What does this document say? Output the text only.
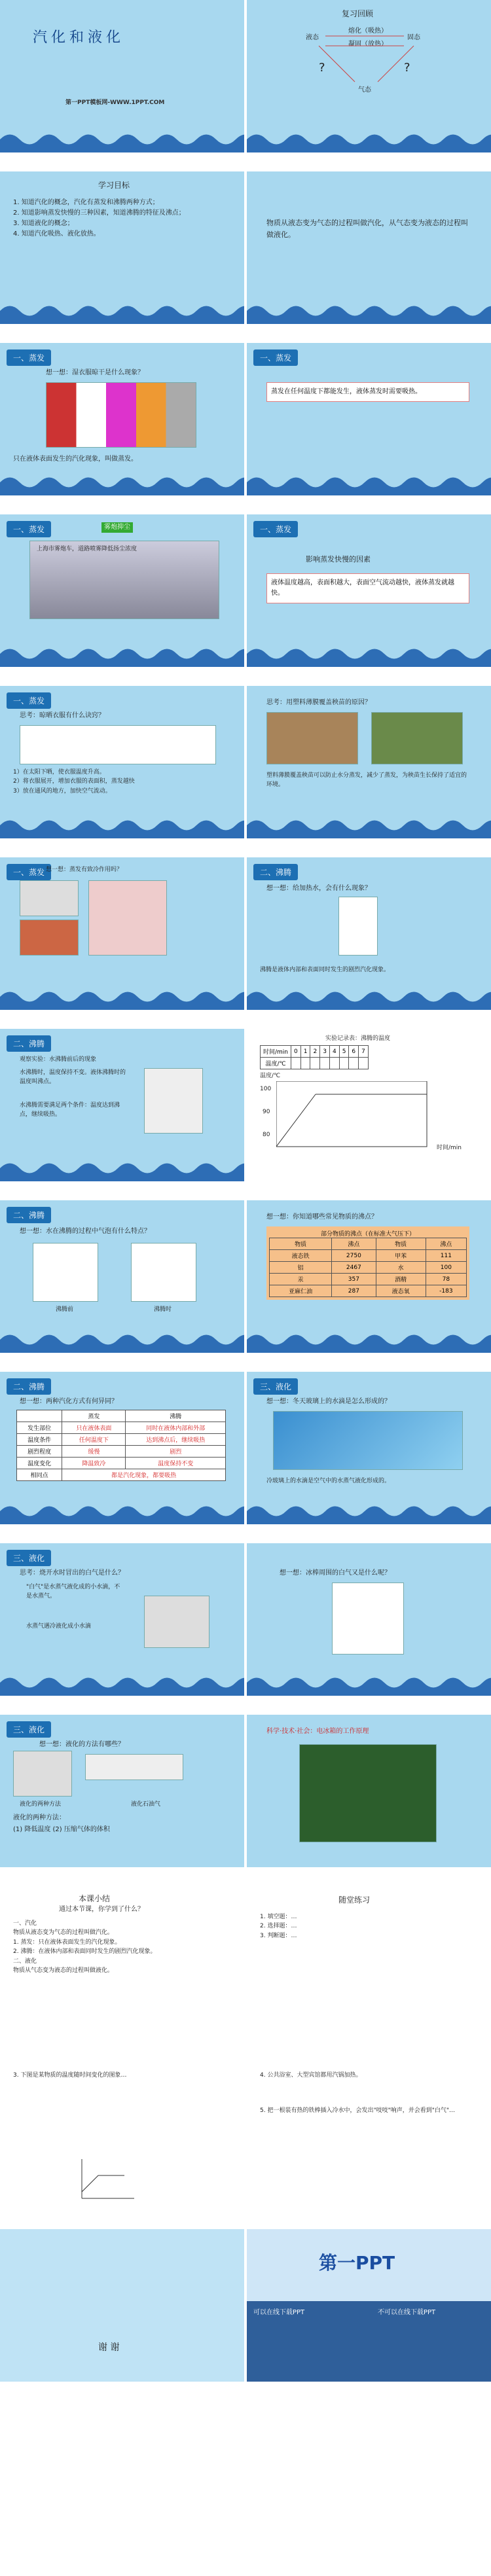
汽化和液化
第一PPT模板网-WWW.1PPT.COM
复习回顾
熔化（吸热）
凝固（放热）
液态	固态
?	?
气态
学习目标
1. 知道汽化的概念，汽化有蒸发和沸腾两种方式；
2. 知道影响蒸发快慢的三种因素，知道沸腾的特征及沸点；
3. 知道液化的概念；
4. 知道汽化吸热、液化放热。
物质从液态变为气态的过程叫做汽化，从气态变为液态的过程叫做液化。
一、蒸发
想一想：湿衣服晾干是什么现象？
只在液体表面发生的汽化现象，叫做蒸发。
一、蒸发
蒸发在任何温度下都能发生，液体蒸发时需要吸热。
一、蒸发	雾炮抑尘
上海市雾炮车，道路喷雾降低扬尘浓度
一、蒸发
影响蒸发快慢的因素
液体温度越高，表面积越大，表面空气流动越快，液体蒸发就越快。
一、蒸发
思考：晾晒衣服有什么诀窍？
1）在太阳下晒，使衣服温度升高。
2）将衣服展开，增加衣服的表面积，蒸发越快
3）放在通风的地方，加快空气流动。
思考：用塑料薄膜覆盖秧苗的原因？
塑料薄膜覆盖秧苗可以防止水分蒸发，减少了蒸发，为秧苗生长保持了适宜的环境。
一、蒸发 想一想：蒸发有致冷作用吗？	二、沸腾
想一想：给加热水，会有什么现象？
沸腾是液体内部和表面同时发生的剧烈汽化现象。
二、沸腾
观察实验：水沸腾前后的现象
水沸腾时，温度保持不变。液体沸腾时的温度叫沸点。
水沸腾需要满足两个条件：温度达到沸点，继续吸热。
实验记录表：沸腾的温度
时间/min	0	1	2	3	4	5	6	7
温度/℃								
温度/℃
100
90
80
时间/min
二、沸腾
想一想：水在沸腾的过程中气泡有什么特点？
沸腾前	沸腾时
想一想：你知道哪些常见物质的沸点？
部分物质的沸点（在标准大气压下）
物质	沸点	物质	沸点
液态铁	2750	甲苯	111
铝	2467	水	100
汞	357	酒精	78
亚麻仁油	287	液态氧	-183
二、沸腾
想一想：两种汽化方式有何异同？
	蒸发	沸腾
发生部位	只在液体表面	同时在液体内部和外部
温度条件	任何温度下	达到沸点后，继续吸热
剧烈程度	缓慢	剧烈
温度变化	降温致冷	温度保持不变
相同点	都是汽化现象，都要吸热	
三、液化
想一想：冬天玻璃上的水滴是怎么形成的？
冷玻璃上的水滴是空气中的水蒸气液化形成的。
三、液化
思考：烧开水时冒出的白气是什么？
"白气"是水蒸气液化成的小水滴，不是水蒸气。
水蒸气遇冷液化成小水滴
想一想：冰棒周围的白气又是什么呢？
三、液化
想一想：液化的方法有哪些？
液化的两种方法	液化石油气
液化的两种方法：
(1) 降低温度 (2) 压缩气体的体积
科学·技术·社会：电冰箱的工作原理
本课小结
通过本节课，你学到了什么？
一、汽化
物质从液态变为气态的过程叫做汽化。
1. 蒸发：只在液体表面发生的汽化现象。
2. 沸腾：在液体内部和表面同时发生的剧烈汽化现象。
二、液化
物质从气态变为液态的过程叫做液化。
随堂练习
1. 填空题：…
2. 选择题：…
3. 判断题：…
3. 下图是某物质的温度随时间变化的图象…	4. 公共浴室、大型宾馆都用汽锅加热。
5. 把一根装有热的铁棒插入冷水中，会发出"吱吱"响声，并会看到"白气"…
谢 谢
第一PPT
可以在线下载PPT	不可以在线下载PPT
